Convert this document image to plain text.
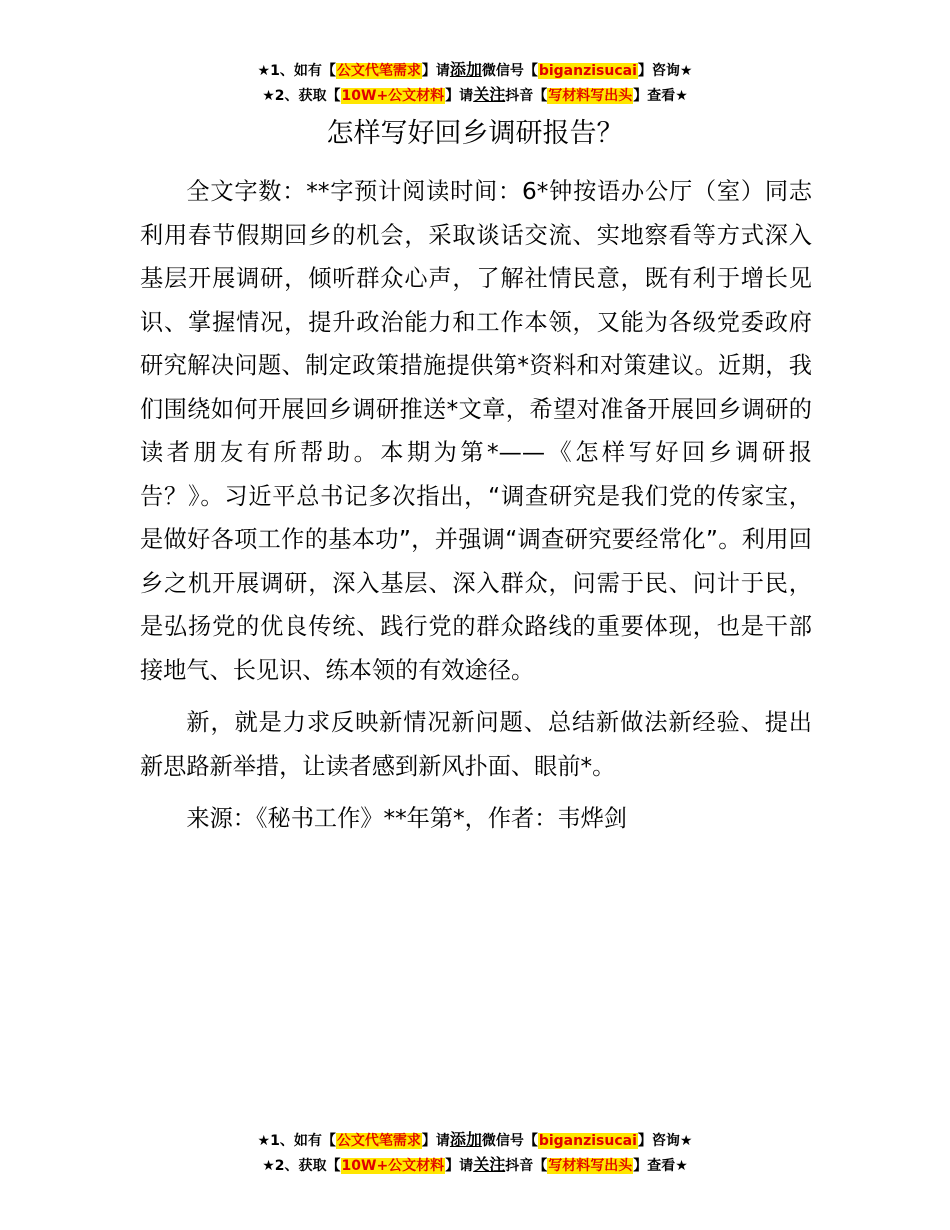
★1、如有【公文代笔需求】请添加微信号【biganzisucai】咨询★
★2、获取【10W+公文材料】请关注抖音【写材料写出头】查看★
怎样写好回乡调研报告？

全文字数：**字预计阅读时间：6*钟按语办公厅（室）同志利用春节假期回乡的机会，采取谈话交流、实地察看等方式深入基层开展调研，倾听群众心声，了解社情民意，既有利于增长见识、掌握情况，提升政治能力和工作本领，又能为各级党委政府研究解决问题、制定政策措施提供第*资料和对策建议。近期，我们围绕如何开展回乡调研推送*文章，希望对准备开展回乡调研的读者朋友有所帮助。本期为第*——《怎样写好回乡调研报告？》。习近平总书记多次指出，“调查研究是我们党的传家宝，是做好各项工作的基本功”，并强调“调查研究要经常化”。利用回乡之机开展调研，深入基层、深入群众，问需于民、问计于民，是弘扬党的优良传统、践行党的群众路线的重要体现，也是干部接地气、长见识、练本领的有效途径。

新，就是力求反映新情况新问题、总结新做法新经验、提出新思路新举措，让读者感到新风扑面、眼前*。

来源：《秘书工作》**年第*，作者：韦烨剑

★1、如有【公文代笔需求】请添加微信号【biganzisucai】咨询★
★2、获取【10W+公文材料】请关注抖音【写材料写出头】查看★
